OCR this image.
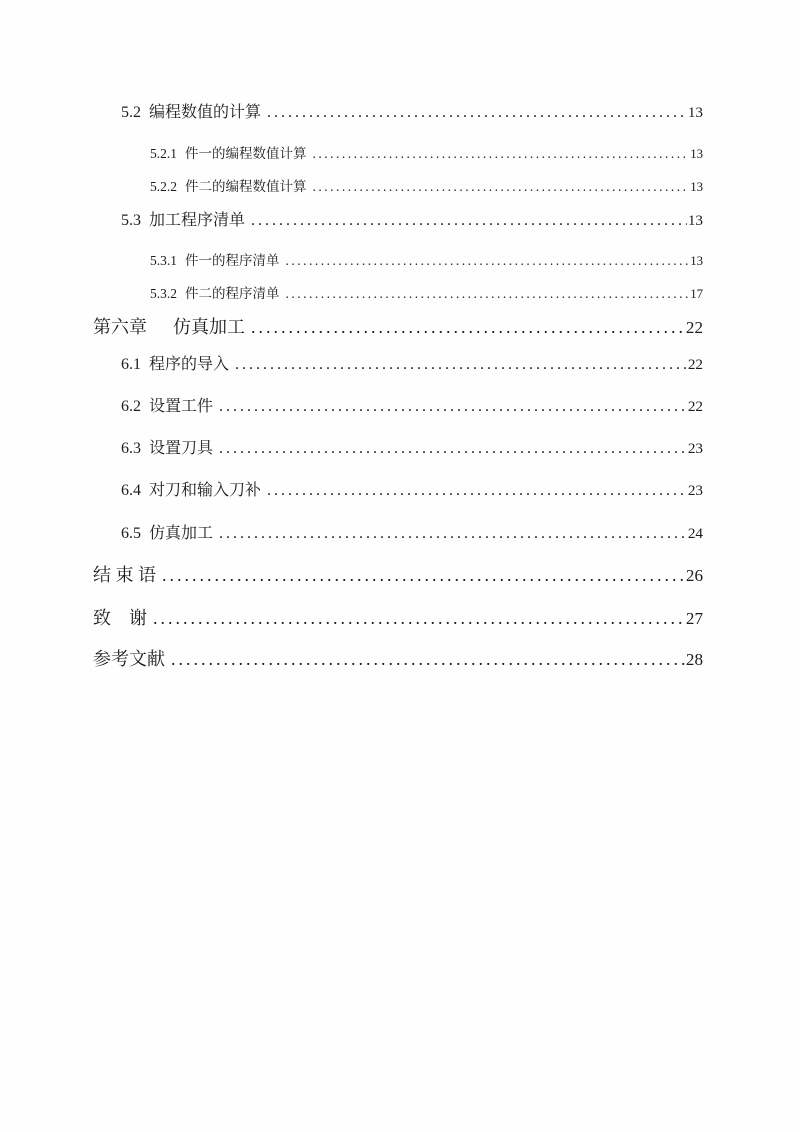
5.2 编程数值的计算 .....	13
5.2.1 件一的编程数值计算 .....	13
5.2.2 件二的编程数值计算 .....	13
5.3 加工程序清单 .....	13
5.3.1 件一的程序清单 .....	13
5.3.2 件二的程序清单 .....	17
第六章 仿真加工 .....	22
6.1 程序的导入 .....	22
6.2 设置工件 .....	22
6.3 设置刀具 .....	23
6.4 对刀和输入刀补 .....	23
6.5 仿真加工 .....	24
结 束 语 .....	26
致　谢 .....	27
参考文献 .....	28
